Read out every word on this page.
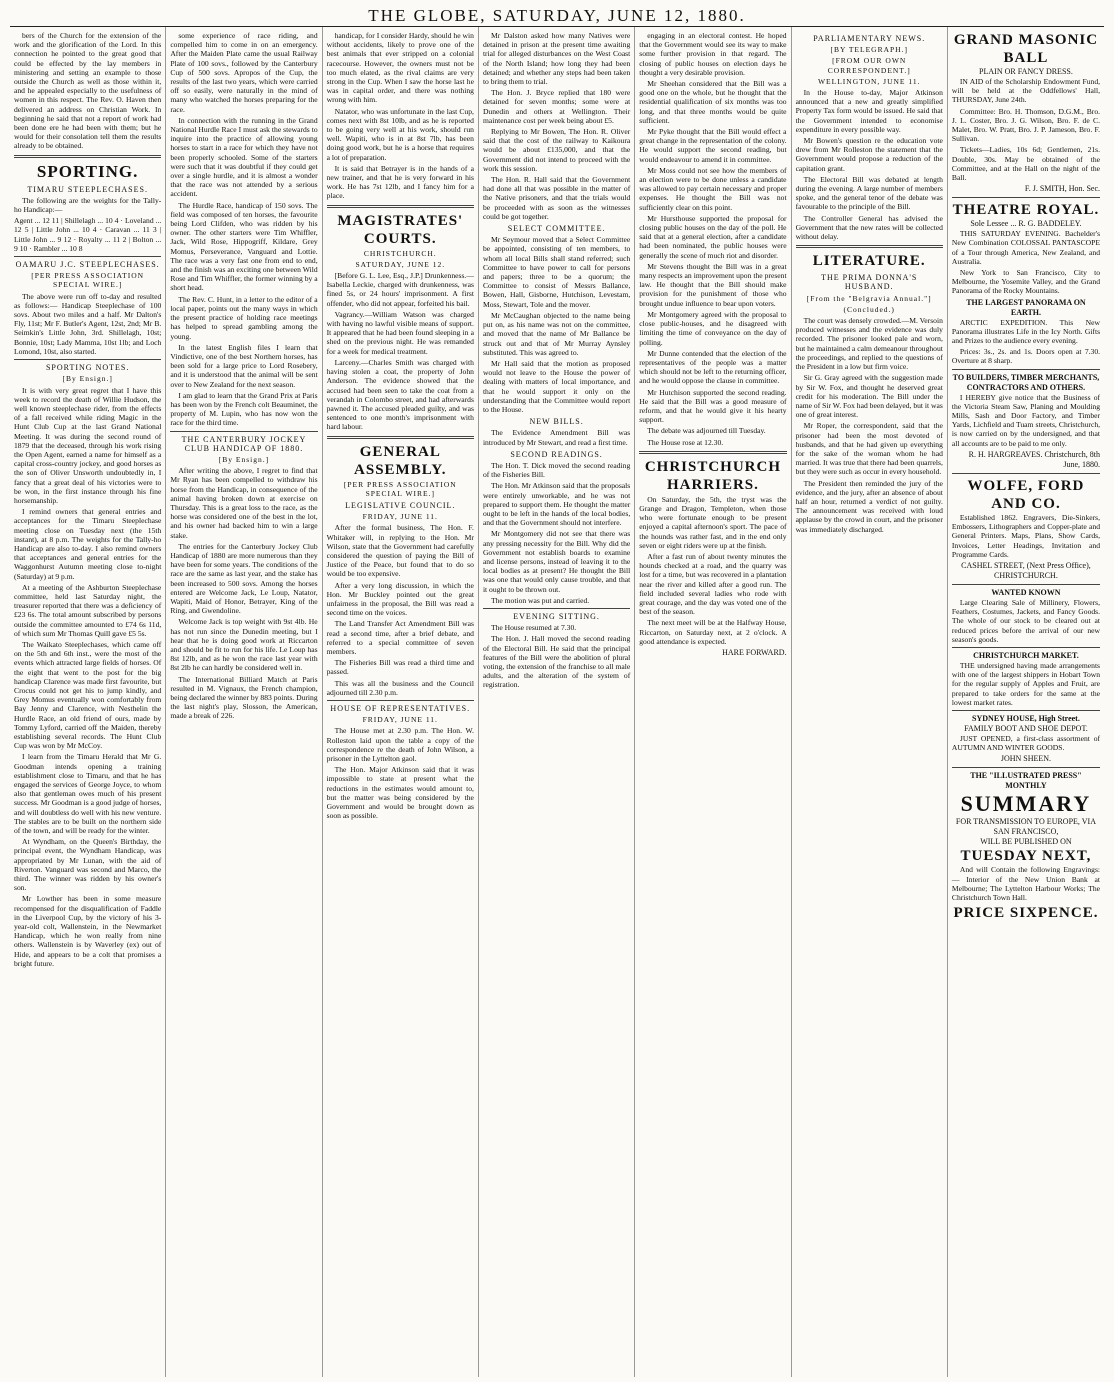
THE GLOBE, SATURDAY, JUNE 12, 1880.

bers of the Church for the extension of the work and the glorification of the Lord. In this connection he pointed to the great good that could be effected by the lay members in ministering and setting an example to those outside the Church as well as those within it, and he appealed especially to the usefulness of women in this respect. The Rev. O. Haven then delivered an address on Christian Work. In beginning he said that not a report of work had been done ere he had been with them; but he would for their consolation tell them the results already to be obtained.

SPORTING.
TIMARU STEEPLECHASES.

The following are the weights for the Tally-ho Handicap:—

Agent ... 12 11 | Shillelagh ... 10 4 · Loveland ... 12 5 | Little John ... 10 4 · Caravan ... 11 3 | Little John ... 9 12 · Royalty ... 11 2 | Bolton ... 9 10 · Rambler ... 10 8
OAMARU J.C. STEEPLECHASES.
[PER PRESS ASSOCIATION SPECIAL WIRE.]

The above were run off to-day and resulted as follows:— Handicap Steeplechase of 100 sovs. About two miles and a half. Mr Dalton's Fly, 11st; Mr F. Butler's Agent, 12st, 2nd; Mr B. Seimkin's Little John, 3rd. Shillelagh, 10st; Bonnie, 10st; Lady Mamma, 10st 1lb; and Loch Lomond, 10st, also started.

SPORTING NOTES.
[By Ensign.]

It is with very great regret that I have this week to record the death of Willie Hudson, the well known steeplechase rider, from the effects of a fall received while riding Magic in the Hunt Club Cup at the last Grand National Meeting. It was during the second round of 1879 that the deceased, through his work rising the Open Agent, earned a name for himself as a capital cross-country jockey, and good horses as the son of Oliver Unsworth undoubtedly in, I fancy that a great deal of his victories were to be won, in the first instance through his fine horsemanship.

I remind owners that general entries and acceptances for the Timaru Steeplechase meeting close on Tuesday next (the 15th instant), at 8 p.m. The weights for the Tally-ho Handicap are also to-day. I also remind owners that acceptances and general entries for the Waggonhurst Autumn meeting close to-night (Saturday) at 9 p.m.

At a meeting of the Ashburton Steeplechase committee, held last Saturday night, the treasurer reported that there was a deficiency of £23 6s. The total amount subscribed by persons outside the committee amounted to £74 6s 11d, of which sum Mr Thomas Quill gave £5 5s.

The Waikato Steeplechases, which came off on the 5th and 6th inst., were the most of the events which attracted large fields of horses. Of the eight that went to the post for the big handicap Clarence was made first favourite, but Crocus could not get his to jump kindly, and Grey Momus eventually won comfortably from Bay Jenny and Clarence, with Nesthelin the Hurdle Race, an old friend of ours, made by Tommy Lyford, carried off the Maiden, thereby establishing several records. The Hunt Club Cup was won by Mr McCoy.

I learn from the Timaru Herald that Mr G. Goodman intends opening a training establishment close to Timaru, and that he has engaged the services of George Joyce, to whom also that gentleman owes much of his present success. Mr Goodman is a good judge of horses, and will doubtless do well with his new venture. The stables are to be built on the northern side of the town, and will be ready for the winter.

At Wyndham, on the Queen's Birthday, the principal event, the Wyndham Handicap, was appropriated by Mr Lunan, with the aid of Riverton. Vanguard was second and Marco, the third. The winner was ridden by his owner's son.

Mr Lowther has been in some measure recompensed for the disqualification of Faddle in the Liverpool Cup, by the victory of his 3-year-old colt, Wallenstein, in the Newmarket Handicap, which he won really from nine others. Wallenstein is by Waverley (ex) out of Hide, and appears to be a colt that promises a bright future.

some experience of race riding, and compelled him to come in on an emergency. After the Maiden Plate came the usual Railway Plate of 100 sovs., followed by the Canterbury Cup of 500 sovs. Apropos of the Cup, the results of the last two years, which were carried off so easily, were naturally in the mind of many who watched the horses preparing for the race.

In connection with the running in the Grand National Hurdle Race I must ask the stewards to inquire into the practice of allowing young horses to start in a race for which they have not been properly schooled. Some of the starters were such that it was doubtful if they could get over a single hurdle, and it is almost a wonder that the race was not attended by a serious accident.

The Hurdle Race, handicap of 150 sovs. The field was composed of ten horses, the favourite being Lord Clifden, who was ridden by his owner. The other starters were Tim Whiffler, Jack, Wild Rose, Hippogriff, Kildare, Grey Momus, Perseverance, Vanguard and Lottie. The race was a very fast one from end to end, and the finish was an exciting one between Wild Rose and Tim Whiffler, the former winning by a short head.

The Rev. C. Hunt, in a letter to the editor of a local paper, points out the many ways in which the present practice of holding race meetings has helped to spread gambling among the young.

In the latest English files I learn that Vindictive, one of the best Northern horses, has been sold for a large price to Lord Rosebery, and it is understood that the animal will be sent over to New Zealand for the next season.

I am glad to learn that the Grand Prix at Paris has been won by the French colt Beauminet, the property of M. Lupin, who has now won the race for the third time.

THE CANTERBURY JOCKEY CLUB HANDICAP OF 1880.
[By Ensign.]

After writing the above, I regret to find that Mr Ryan has been compelled to withdraw his horse from the Handicap, in consequence of the animal having broken down at exercise on Thursday. This is a great loss to the race, as the horse was considered one of the best in the lot, and his owner had backed him to win a large stake.

The entries for the Canterbury Jockey Club Handicap of 1880 are more numerous than they have been for some years. The conditions of the race are the same as last year, and the stake has been increased to 500 sovs. Among the horses entered are Welcome Jack, Le Loup, Natator, Wapiti, Maid of Honor, Betrayer, King of the Ring, and Gwendoline.

Welcome Jack is top weight with 9st 4lb. He has not run since the Dunedin meeting, but I hear that he is doing good work at Riccarton and should be fit to run for his life. Le Loup has 8st 12lb, and as he won the race last year with 8st 2lb he can hardly be considered well in.

The International Billiard Match at Paris resulted in M. Vignaux, the French champion, being declared the winner by 883 points. During the last night's play, Slosson, the American, made a break of 226.

handicap, for I consider Hardy, should he win without accidents, likely to prove one of the best animals that ever stripped on a colonial racecourse. However, the owners must not be too much elated, as the rival claims are very strong in the Cup. When I saw the horse last he was in capital order, and there was nothing wrong with him.

Natator, who was unfortunate in the last Cup, comes next with 8st 10lb, and as he is reported to be going very well at his work, should run well. Wapiti, who is in at 8st 7lb, has been doing good work, but he is a horse that requires a lot of preparation.

It is said that Betrayer is in the hands of a new trainer, and that he is very forward in his work. He has 7st 12lb, and I fancy him for a place.

MAGISTRATES' COURTS.
CHRISTCHURCH.
SATURDAY, JUNE 12.

[Before G. L. Lee, Esq., J.P.] Drunkenness.—Isabella Leckie, charged with drunkenness, was fined 5s, or 24 hours' imprisonment. A first offender, who did not appear, forfeited his bail.

Vagrancy.—William Watson was charged with having no lawful visible means of support. It appeared that he had been found sleeping in a shed on the previous night. He was remanded for a week for medical treatment.

Larceny.—Charles Smith was charged with having stolen a coat, the property of John Anderson. The evidence showed that the accused had been seen to take the coat from a verandah in Colombo street, and had afterwards pawned it. The accused pleaded guilty, and was sentenced to one month's imprisonment with hard labour.

GENERAL ASSEMBLY.
[PER PRESS ASSOCIATION SPECIAL WIRE.]
LEGISLATIVE COUNCIL.
FRIDAY, JUNE 11.

After the formal business, The Hon. F. Whitaker will, in replying to the Hon. Mr Wilson, state that the Government had carefully considered the question of paying the Bill of Justice of the Peace, but found that to do so would be too expensive.

After a very long discussion, in which the Hon. Mr Buckley pointed out the great unfairness in the proposal, the Bill was read a second time on the voices.

The Land Transfer Act Amendment Bill was read a second time, after a brief debate, and referred to a special committee of seven members.

The Fisheries Bill was read a third time and passed.

This was all the business and the Council adjourned till 2.30 p.m.

HOUSE OF REPRESENTATIVES.
FRIDAY, JUNE 11.

The House met at 2.30 p.m. The Hon. W. Rolleston laid upon the table a copy of the correspondence re the death of John Wilson, a prisoner in the Lyttelton gaol.

The Hon. Major Atkinson said that it was impossible to state at present what the reductions in the estimates would amount to, but the matter was being considered by the Government and would be brought down as soon as possible.

Mr Dalston asked how many Natives were detained in prison at the present time awaiting trial for alleged disturbances on the West Coast of the North Island; how long they had been detained; and whether any steps had been taken to bring them to trial.

The Hon. J. Bryce replied that 180 were detained for seven months; some were at Dunedin and others at Wellington. Their maintenance cost per week being about £5.

Replying to Mr Bowen, The Hon. R. Oliver said that the cost of the railway to Kaikoura would be about £135,000, and that the Government did not intend to proceed with the work this session.

The Hon. R. Hall said that the Government had done all that was possible in the matter of the Native prisoners, and that the trials would be proceeded with as soon as the witnesses could be got together.

SELECT COMMITTEE.

Mr Seymour moved that a Select Committee be appointed, consisting of ten members, to whom all local Bills shall stand referred; such Committee to have power to call for persons and papers; three to be a quorum; the Committee to consist of Messrs Ballance, Bowen, Hall, Gisborne, Hutchison, Levestam, Moss, Stewart, Tole and the mover.

Mr McCaughan objected to the name being put on, as his name was not on the committee, and moved that the name of Mr Ballance be struck out and that of Mr Murray Aynsley substituted. This was agreed to.

Mr Hall said that the motion as proposed would not leave to the House the power of dealing with matters of local importance, and that he would support it only on the understanding that the Committee would report to the House.

NEW BILLS.

The Evidence Amendment Bill was introduced by Mr Stewart, and read a first time.

SECOND READINGS.

The Hon. T. Dick moved the second reading of the Fisheries Bill.

The Hon. Mr Atkinson said that the proposals were entirely unworkable, and he was not prepared to support them. He thought the matter ought to be left in the hands of the local bodies, and that the Government should not interfere.

Mr Montgomery did not see that there was any pressing necessity for the Bill. Why did the Government not establish boards to examine and license persons, instead of leaving it to the local bodies as at present? He thought the Bill was one that would only cause trouble, and that it ought to be thrown out.

The motion was put and carried.

EVENING SITTING.

The House resumed at 7.30.

The Hon. J. Hall moved the second reading of the Electoral Bill. He said that the principal features of the Bill were the abolition of plural voting, the extension of the franchise to all male adults, and the alteration of the system of registration.

engaging in an electoral contest. He hoped that the Government would see its way to make some further provision in that regard. The closing of public houses on election days he thought a very desirable provision.

Mr Sheehan considered that the Bill was a good one on the whole, but he thought that the residential qualification of six months was too long, and that three months would be quite sufficient.

Mr Pyke thought that the Bill would effect a great change in the representation of the colony. He would support the second reading, but would endeavour to amend it in committee.

Mr Moss could not see how the members of an election were to be done unless a candidate was allowed to pay certain necessary and proper expenses. He thought the Bill was not sufficiently clear on this point.

Mr Hursthouse supported the proposal for closing public houses on the day of the poll. He said that at a general election, after a candidate had been nominated, the public houses were generally the scene of much riot and disorder.

Mr Stevens thought the Bill was in a great many respects an improvement upon the present law. He thought that the Bill should make provision for the punishment of those who brought undue influence to bear upon voters.

Mr Montgomery agreed with the proposal to close public-houses, and he disagreed with limiting the time of conveyance on the day of polling.

Mr Dunne contended that the election of the representatives of the people was a matter which should not be left to the returning officer, and he would oppose the clause in committee.

Mr Hutchison supported the second reading. He said that the Bill was a good measure of reform, and that he would give it his hearty support.

The debate was adjourned till Tuesday.

The House rose at 12.30.

CHRISTCHURCH HARRIERS.

On Saturday, the 5th, the tryst was the Grange and Dragon, Templeton, when those who were fortunate enough to be present enjoyed a capital afternoon's sport. The pace of the hounds was rather fast, and in the end only seven or eight riders were up at the finish.

After a fast run of about twenty minutes the hounds checked at a road, and the quarry was lost for a time, but was recovered in a plantation near the river and killed after a good run. The field included several ladies who rode with great courage, and the day was voted one of the best of the season.

The next meet will be at the Halfway House, Riccarton, on Saturday next, at 2 o'clock. A good attendance is expected.

HARE FORWARD.
PARLIAMENTARY NEWS.
[BY TELEGRAPH.]
[FROM OUR OWN CORRESPONDENT.]
WELLINGTON, JUNE 11.

In the House to-day, Major Atkinson announced that a new and greatly simplified Property Tax form would be issued. He said that the Government intended to economise expenditure in every possible way.

Mr Bowen's question re the education vote drew from Mr Rolleston the statement that the Government would propose a reduction of the capitation grant.

The Electoral Bill was debated at length during the evening. A large number of members spoke, and the general tenor of the debate was favourable to the principle of the Bill.

The Controller General has advised the Government that the new rates will be collected without delay.

LITERATURE.
THE PRIMA DONNA'S HUSBAND.
[From the "Belgravia Annual."]
(Concluded.)

The court was densely crowded.—M. Versoin produced witnesses and the evidence was duly recorded. The prisoner looked pale and worn, but he maintained a calm demeanour throughout the proceedings, and replied to the questions of the President in a low but firm voice.

Sir G. Gray agreed with the suggestion made by Sir W. Fox, and thought he deserved great credit for his moderation. The Bill under the name of Sir W. Fox had been delayed, but it was one of great interest.

Mr Roper, the correspondent, said that the prisoner had been the most devoted of husbands, and that he had given up everything for the sake of the woman whom he had married. It was true that there had been quarrels, but they were such as occur in every household.

The President then reminded the jury of the evidence, and the jury, after an absence of about half an hour, returned a verdict of not guilty. The announcement was received with loud applause by the crowd in court, and the prisoner was immediately discharged.

GRAND MASONIC BALL
PLAIN OR FANCY DRESS.

IN AID of the Scholarship Endowment Fund, will be held at the Oddfellows' Hall, THURSDAY, June 24th.

Committee: Bro. H. Thomson, D.G.M., Bro. J. L. Coster, Bro. J. G. Wilson, Bro. F. de C. Malet, Bro. W. Pratt, Bro. J. P. Jameson, Bro. F. Sullivan.

Tickets—Ladies, 10s 6d; Gentlemen, 21s. Double, 30s. May be obtained of the Committee, and at the Hall on the night of the Ball.

F. J. SMITH, Hon. Sec.
THEATRE ROYAL.
Sole Lessee ... R. G. BADDELEY.

THIS SATURDAY EVENING. Bachelder's New Combination COLOSSAL PANTASCOPE of a Tour through America, New Zealand, and Australia.

New York to San Francisco, City to Melbourne, the Yosemite Valley, and the Grand Panorama of the Rocky Mountains.

THE LARGEST PANORAMA ON EARTH.

ARCTIC EXPEDITION. This New Panorama illustrates Life in the Icy North. Gifts and Prizes to the audience every evening.

Prices: 3s., 2s. and 1s. Doors open at 7.30. Overture at 8 sharp.

TO BUILDERS, TIMBER MERCHANTS, CONTRACTORS AND OTHERS.

I HEREBY give notice that the Business of the Victoria Steam Saw, Planing and Moulding Mills, Sash and Door Factory, and Timber Yards, Lichfield and Tuam streets, Christchurch, is now carried on by the undersigned, and that all accounts are to be paid to me only.

R. H. HARGREAVES. Christchurch, 8th June, 1880.
WOLFE, FORD AND CO.

Established 1862. Engravers, Die-Sinkers, Embossers, Lithographers and Copper-plate and General Printers. Maps, Plans, Show Cards, Invoices, Letter Headings, Invitation and Programme Cards.

CASHEL STREET, (Next Press Office), CHRISTCHURCH.
WANTED KNOWN

Large Clearing Sale of Millinery, Flowers, Feathers, Costumes, Jackets, and Fancy Goods. The whole of our stock to be cleared out at reduced prices before the arrival of our new season's goods.

CHRISTCHURCH MARKET.

THE undersigned having made arrangements with one of the largest shippers in Hobart Town for the regular supply of Apples and Fruit, are prepared to take orders for the same at the lowest market rates.

SYDNEY HOUSE, High Street.
FAMILY BOOT AND SHOE DEPOT.

JUST OPENED, a first-class assortment of AUTUMN AND WINTER GOODS.

JOHN SHEEN.
THE "ILLUSTRATED PRESS" MONTHLY
SUMMARY
FOR TRANSMISSION TO EUROPE, VIA SAN FRANCISCO,
WILL BE PUBLISHED ON
TUESDAY NEXT,

And will Contain the following Engravings:— Interior of the New Union Bank at Melbourne; The Lyttelton Harbour Works; The Christchurch Town Hall.

PRICE SIXPENCE.
